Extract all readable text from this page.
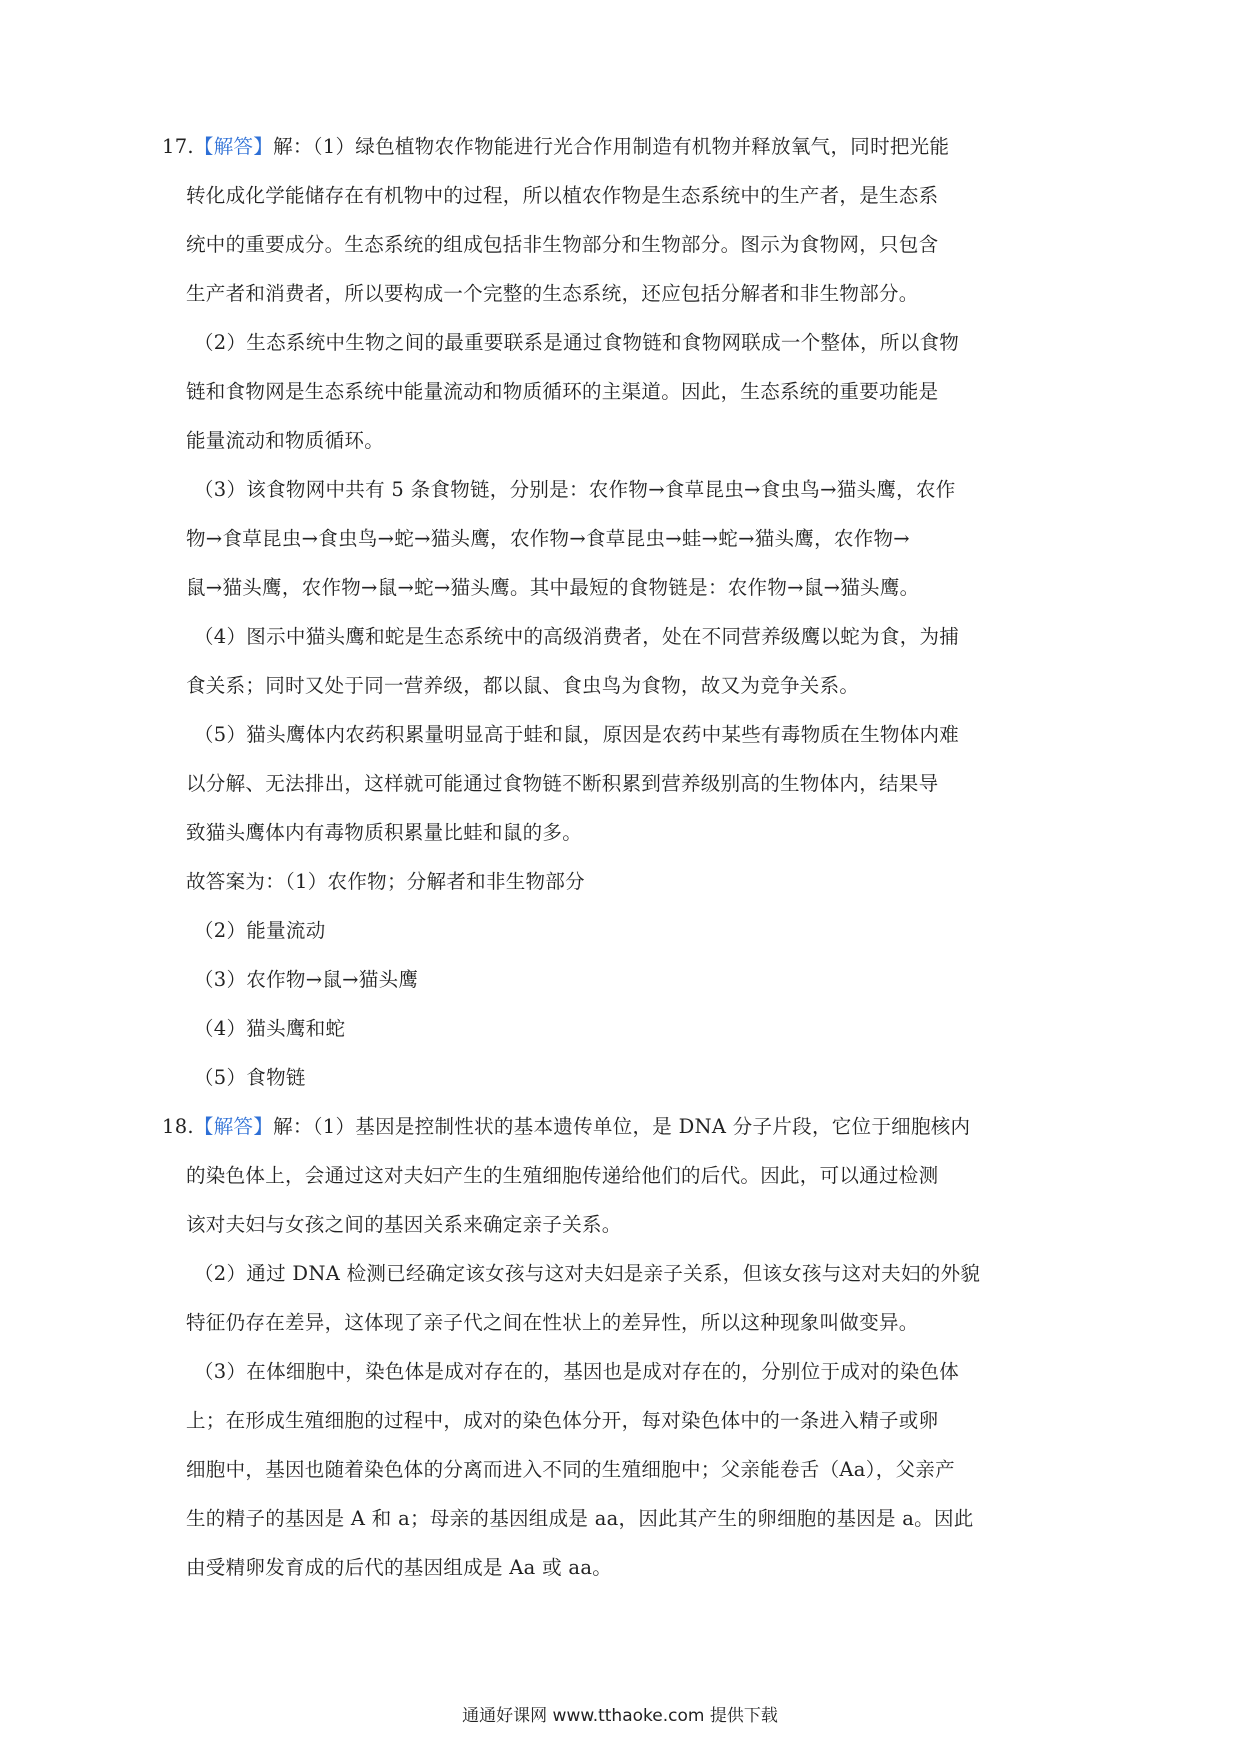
17.【解答】解：（1）绿色植物农作物能进行光合作用制造有机物并释放氧气，同时把光能
转化成化学能储存在有机物中的过程，所以植农作物是生态系统中的生产者，是生态系
统中的重要成分。生态系统的组成包括非生物部分和生物部分。图示为食物网，只包含
生产者和消费者，所以要构成一个完整的生态系统，还应包括分解者和非生物部分。
（2）生态系统中生物之间的最重要联系是通过食物链和食物网联成一个整体，所以食物
链和食物网是生态系统中能量流动和物质循环的主渠道。因此，生态系统的重要功能是
能量流动和物质循环。
（3）该食物网中共有 5 条食物链，分别是：农作物→食草昆虫→食虫鸟→猫头鹰，农作
物→食草昆虫→食虫鸟→蛇→猫头鹰，农作物→食草昆虫→蛙→蛇→猫头鹰，农作物→
鼠→猫头鹰，农作物→鼠→蛇→猫头鹰。其中最短的食物链是：农作物→鼠→猫头鹰。
（4）图示中猫头鹰和蛇是生态系统中的高级消费者，处在不同营养级鹰以蛇为食，为捕
食关系；同时又处于同一营养级，都以鼠、食虫鸟为食物，故又为竞争关系。
（5）猫头鹰体内农药积累量明显高于蛙和鼠，原因是农药中某些有毒物质在生物体内难
以分解、无法排出，这样就可能通过食物链不断积累到营养级别高的生物体内，结果导
致猫头鹰体内有毒物质积累量比蛙和鼠的多。
故答案为：（1）农作物；分解者和非生物部分
（2）能量流动
（3）农作物→鼠→猫头鹰
（4）猫头鹰和蛇
（5）食物链
18.【解答】解：（1）基因是控制性状的基本遗传单位，是 DNA 分子片段，它位于细胞核内
的染色体上，会通过这对夫妇产生的生殖细胞传递给他们的后代。因此，可以通过检测
该对夫妇与女孩之间的基因关系来确定亲子关系。
（2）通过 DNA 检测已经确定该女孩与这对夫妇是亲子关系，但该女孩与这对夫妇的外貌
特征仍存在差异，这体现了亲子代之间在性状上的差异性，所以这种现象叫做变异。
（3）在体细胞中，染色体是成对存在的，基因也是成对存在的，分别位于成对的染色体
上；在形成生殖细胞的过程中，成对的染色体分开，每对染色体中的一条进入精子或卵
细胞中，基因也随着染色体的分离而进入不同的生殖细胞中；父亲能卷舌（Aa），父亲产
生的精子的基因是 A 和 a；母亲的基因组成是 aa，因此其产生的卵细胞的基因是 a。因此
由受精卵发育成的后代的基因组成是 Aa 或 aa。
通通好课网 www.tthaoke.com 提供下载
